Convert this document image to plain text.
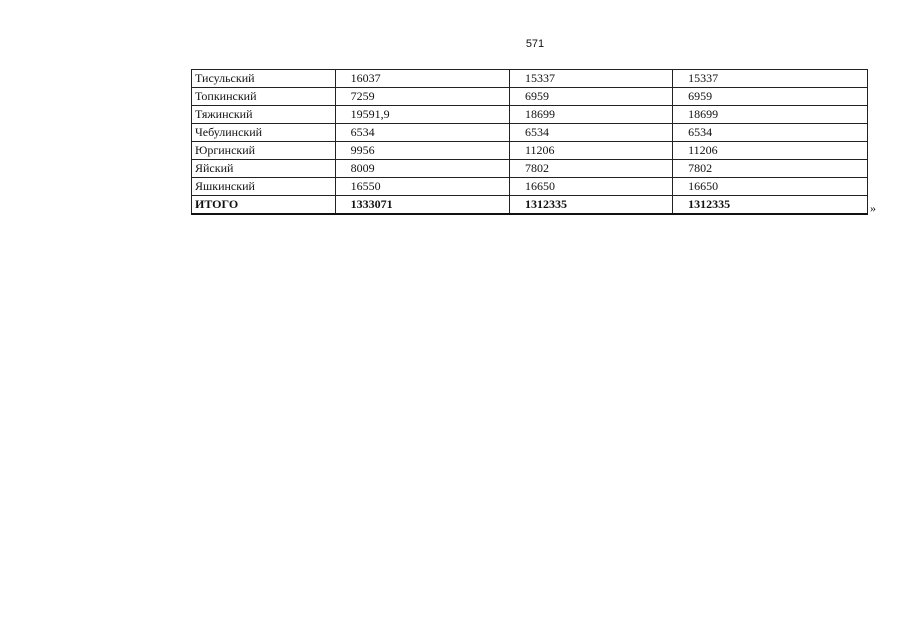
571
Тисульский	16037	15337	15337
Топкинский	7259	6959	6959
Тяжинский	19591,9	18699	18699
Чебулинский	6534	6534	6534
Юргинский	9956	11206	11206
Яйский	8009	7802	7802
Яшкинский	16550	16650	16650
ИТОГО	1333071	1312335	1312335	»
